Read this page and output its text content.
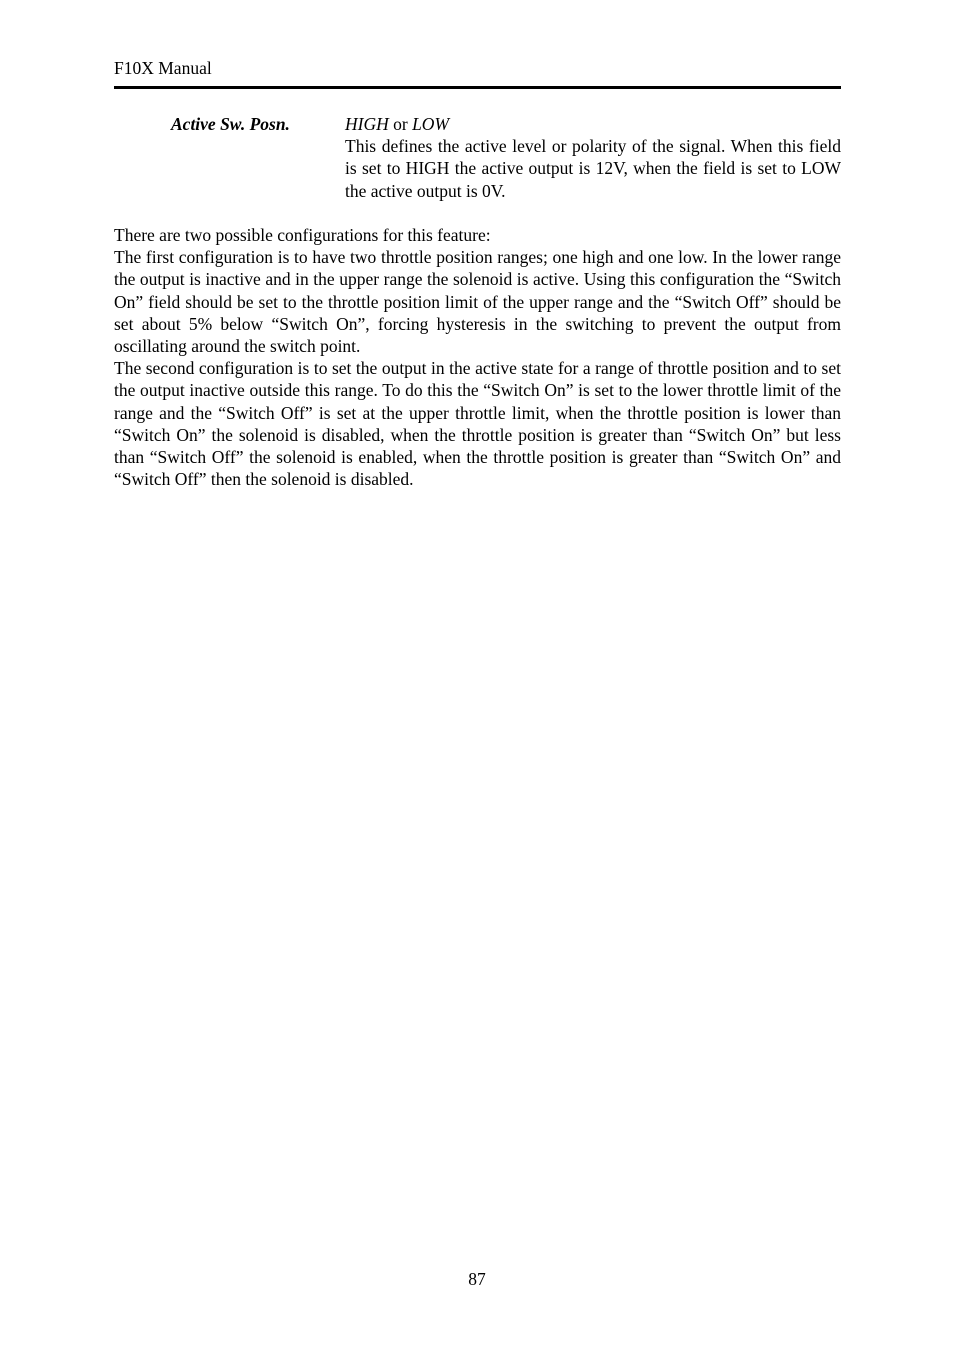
F10X Manual
Active Sw. Posn.	HIGH or LOW
This defines the active level or polarity of the signal. When this field is set to HIGH the active output is 12V, when the field is set to LOW the active output is 0V.

There are two possible configurations for this feature:

The first configuration is to have two throttle position ranges; one high and one low. In the lower range the output is inactive and in the upper range the solenoid is active. Using this configuration the “Switch On” field should be set to the throttle position limit of the upper range and the “Switch Off” should be set about 5% below “Switch On”, forcing hysteresis in the switching to prevent the output from oscillating around the switch point.

The second configuration is to set the output in the active state for a range of throttle position and to set the output inactive outside this range. To do this the “Switch On” is set to the lower throttle limit of the range and the “Switch Off” is set at the upper throttle limit, when the throttle position is lower than “Switch On” the solenoid is disabled, when the throttle position is greater than “Switch On” but less than “Switch Off” the solenoid is enabled, when the throttle position is greater than “Switch On” and “Switch Off” then the solenoid is disabled.

87
